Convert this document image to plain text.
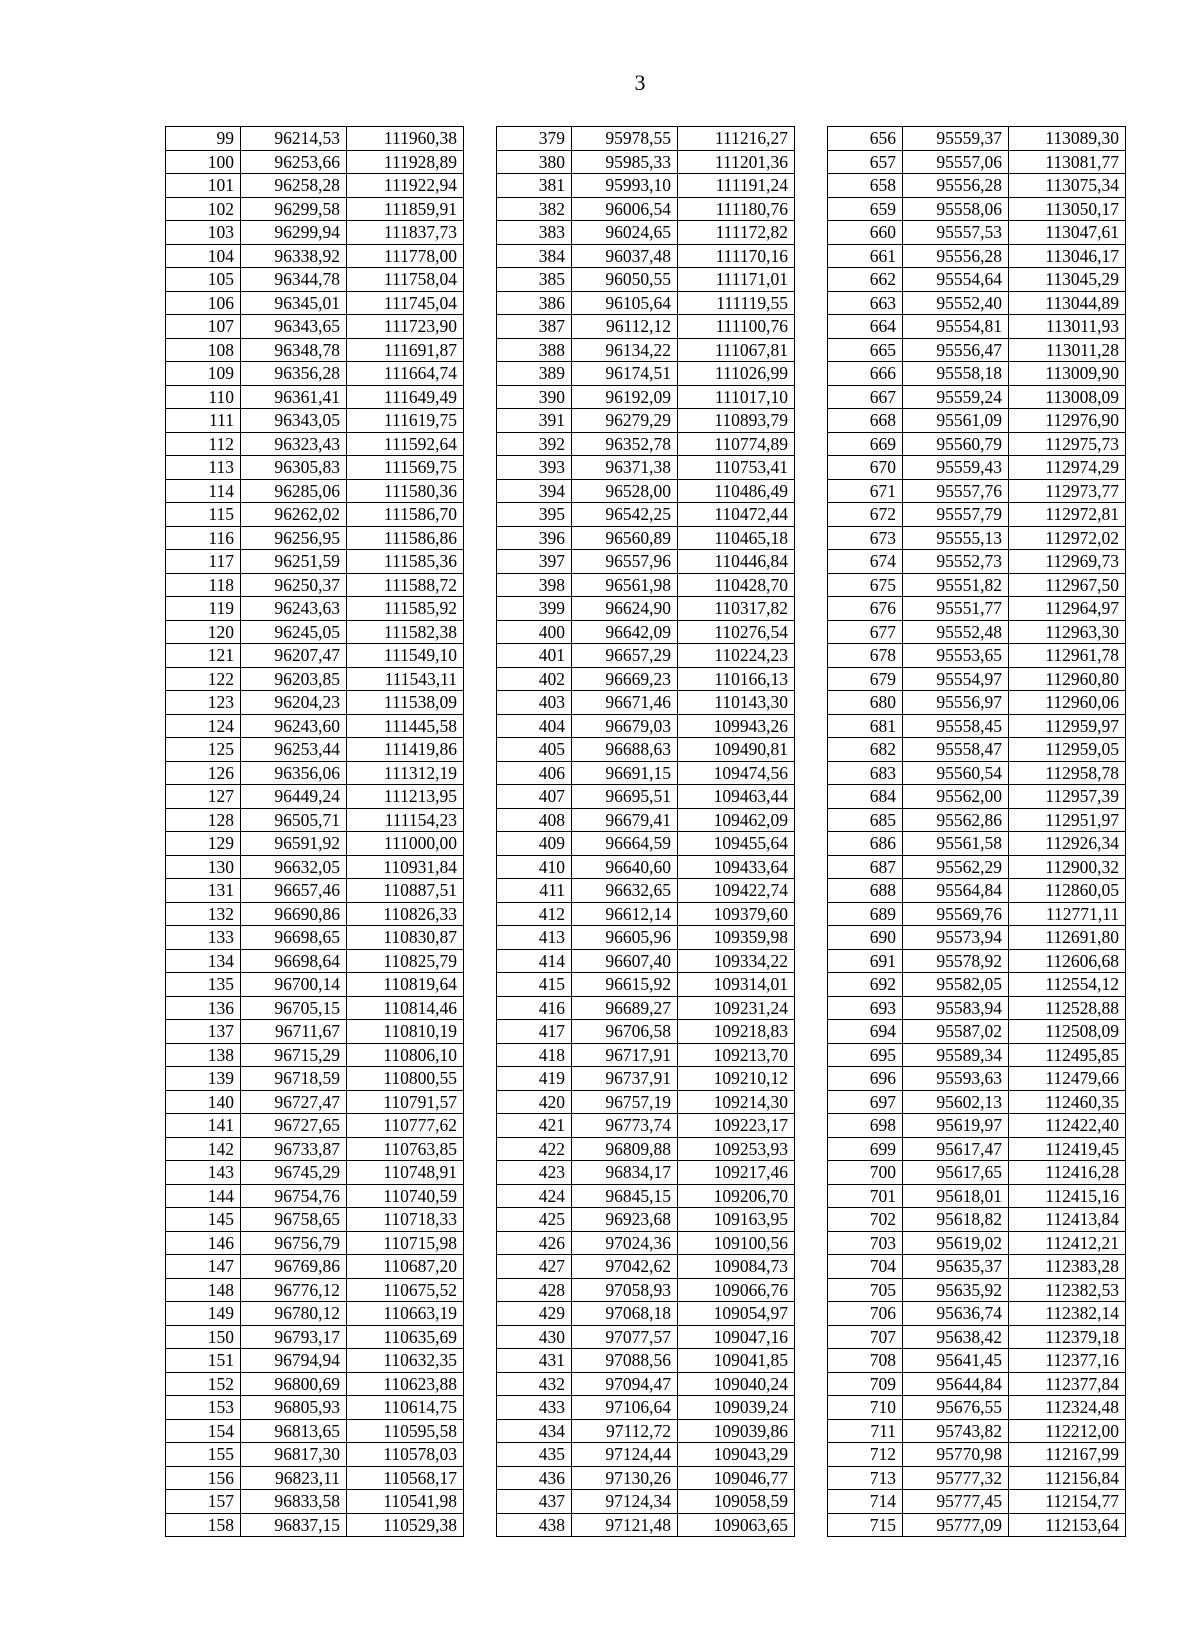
3
99	96214,53	111960,38		379	95978,55	111216,27		656	95559,37	113089,30
100	96253,66	111928,89		380	95985,33	111201,36		657	95557,06	113081,77
101	96258,28	111922,94		381	95993,10	111191,24		658	95556,28	113075,34
102	96299,58	111859,91		382	96006,54	111180,76		659	95558,06	113050,17
103	96299,94	111837,73		383	96024,65	111172,82		660	95557,53	113047,61
104	96338,92	111778,00		384	96037,48	111170,16		661	95556,28	113046,17
105	96344,78	111758,04		385	96050,55	111171,01		662	95554,64	113045,29
106	96345,01	111745,04		386	96105,64	111119,55		663	95552,40	113044,89
107	96343,65	111723,90		387	96112,12	111100,76		664	95554,81	113011,93
108	96348,78	111691,87		388	96134,22	111067,81		665	95556,47	113011,28
109	96356,28	111664,74		389	96174,51	111026,99		666	95558,18	113009,90
110	96361,41	111649,49		390	96192,09	111017,10		667	95559,24	113008,09
111	96343,05	111619,75		391	96279,29	110893,79		668	95561,09	112976,90
112	96323,43	111592,64		392	96352,78	110774,89		669	95560,79	112975,73
113	96305,83	111569,75		393	96371,38	110753,41		670	95559,43	112974,29
114	96285,06	111580,36		394	96528,00	110486,49		671	95557,76	112973,77
115	96262,02	111586,70		395	96542,25	110472,44		672	95557,79	112972,81
116	96256,95	111586,86		396	96560,89	110465,18		673	95555,13	112972,02
117	96251,59	111585,36		397	96557,96	110446,84		674	95552,73	112969,73
118	96250,37	111588,72		398	96561,98	110428,70		675	95551,82	112967,50
119	96243,63	111585,92		399	96624,90	110317,82		676	95551,77	112964,97
120	96245,05	111582,38		400	96642,09	110276,54		677	95552,48	112963,30
121	96207,47	111549,10		401	96657,29	110224,23		678	95553,65	112961,78
122	96203,85	111543,11		402	96669,23	110166,13		679	95554,97	112960,80
123	96204,23	111538,09		403	96671,46	110143,30		680	95556,97	112960,06
124	96243,60	111445,58		404	96679,03	109943,26		681	95558,45	112959,97
125	96253,44	111419,86		405	96688,63	109490,81		682	95558,47	112959,05
126	96356,06	111312,19		406	96691,15	109474,56		683	95560,54	112958,78
127	96449,24	111213,95		407	96695,51	109463,44		684	95562,00	112957,39
128	96505,71	111154,23		408	96679,41	109462,09		685	95562,86	112951,97
129	96591,92	111000,00		409	96664,59	109455,64		686	95561,58	112926,34
130	96632,05	110931,84		410	96640,60	109433,64		687	95562,29	112900,32
131	96657,46	110887,51		411	96632,65	109422,74		688	95564,84	112860,05
132	96690,86	110826,33		412	96612,14	109379,60		689	95569,76	112771,11
133	96698,65	110830,87		413	96605,96	109359,98		690	95573,94	112691,80
134	96698,64	110825,79		414	96607,40	109334,22		691	95578,92	112606,68
135	96700,14	110819,64		415	96615,92	109314,01		692	95582,05	112554,12
136	96705,15	110814,46		416	96689,27	109231,24		693	95583,94	112528,88
137	96711,67	110810,19		417	96706,58	109218,83		694	95587,02	112508,09
138	96715,29	110806,10		418	96717,91	109213,70		695	95589,34	112495,85
139	96718,59	110800,55		419	96737,91	109210,12		696	95593,63	112479,66
140	96727,47	110791,57		420	96757,19	109214,30		697	95602,13	112460,35
141	96727,65	110777,62		421	96773,74	109223,17		698	95619,97	112422,40
142	96733,87	110763,85		422	96809,88	109253,93		699	95617,47	112419,45
143	96745,29	110748,91		423	96834,17	109217,46		700	95617,65	112416,28
144	96754,76	110740,59		424	96845,15	109206,70		701	95618,01	112415,16
145	96758,65	110718,33		425	96923,68	109163,95		702	95618,82	112413,84
146	96756,79	110715,98		426	97024,36	109100,56		703	95619,02	112412,21
147	96769,86	110687,20		427	97042,62	109084,73		704	95635,37	112383,28
148	96776,12	110675,52		428	97058,93	109066,76		705	95635,92	112382,53
149	96780,12	110663,19		429	97068,18	109054,97		706	95636,74	112382,14
150	96793,17	110635,69		430	97077,57	109047,16		707	95638,42	112379,18
151	96794,94	110632,35		431	97088,56	109041,85		708	95641,45	112377,16
152	96800,69	110623,88		432	97094,47	109040,24		709	95644,84	112377,84
153	96805,93	110614,75		433	97106,64	109039,24		710	95676,55	112324,48
154	96813,65	110595,58		434	97112,72	109039,86		711	95743,82	112212,00
155	96817,30	110578,03		435	97124,44	109043,29		712	95770,98	112167,99
156	96823,11	110568,17		436	97130,26	109046,77		713	95777,32	112156,84
157	96833,58	110541,98		437	97124,34	109058,59		714	95777,45	112154,77
158	96837,15	110529,38		438	97121,48	109063,65		715	95777,09	112153,64
